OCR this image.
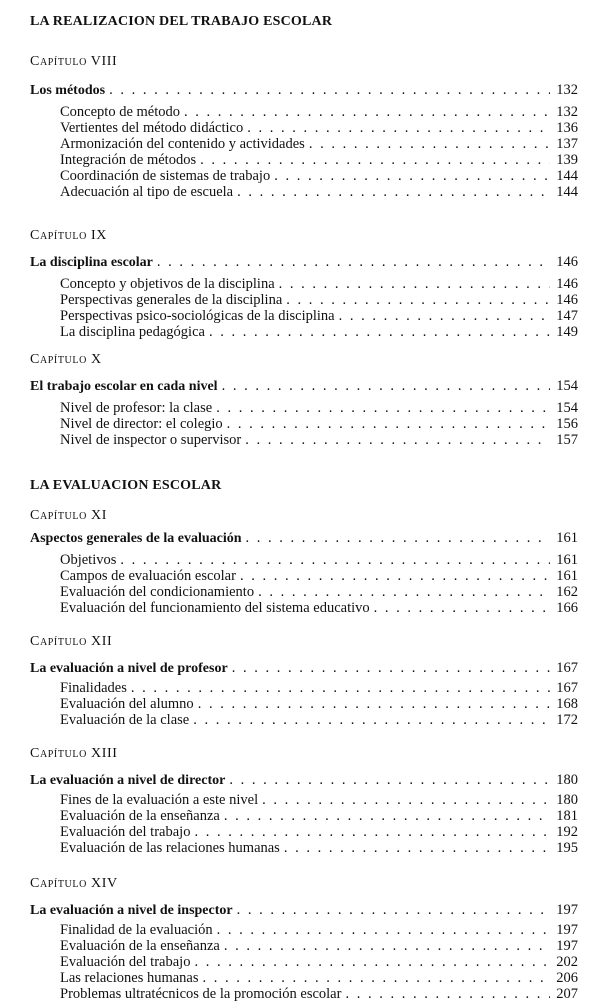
LA REALIZACION DEL TRABAJO ESCOLAR
Capítulo VIII
Los métodos . . .	132
Concepto de método . . .	132
Vertientes del método didáctico . . .	136
Armonización del contenido y actividades . . .	137
Integración de métodos . . .	139
Coordinación de sistemas de trabajo . . .	144
Adecuación al tipo de escuela . . .	144
Capítulo IX
La disciplina escolar . . .	146
Concepto y objetivos de la disciplina . . .	146
Perspectivas generales de la disciplina . . .	146
Perspectivas psico-sociológicas de la disciplina . . .	147
La disciplina pedagógica . . .	149
Capítulo X
El trabajo escolar en cada nivel . . .	154
Nivel de profesor: la clase . . .	154
Nivel de director: el colegio . . .	156
Nivel de inspector o supervisor . . .	157
LA EVALUACION ESCOLAR
Capítulo XI
Aspectos generales de la evaluación . . .	161
Objetivos . . .	161
Campos de evaluación escolar . . .	161
Evaluación del condicionamiento . . .	162
Evaluación del funcionamiento del sistema educativo . . .	166
Capítulo XII
La evaluación a nivel de profesor . . .	167
Finalidades . . .	167
Evaluación del alumno . . .	168
Evaluación de la clase . . .	172
Capítulo XIII
La evaluación a nivel de director . . .	180
Fines de la evaluación a este nivel . . .	180
Evaluación de la enseñanza . . .	181
Evaluación del trabajo . . .	192
Evaluación de las relaciones humanas . . .	195
Capítulo XIV
La evaluación a nivel de inspector . . .	197
Finalidad de la evaluación . . .	197
Evaluación de la enseñanza . . .	197
Evaluación del trabajo . . .	202
Las relaciones humanas . . .	206
Problemas ultratécnicos de la promoción escolar . . .	207
